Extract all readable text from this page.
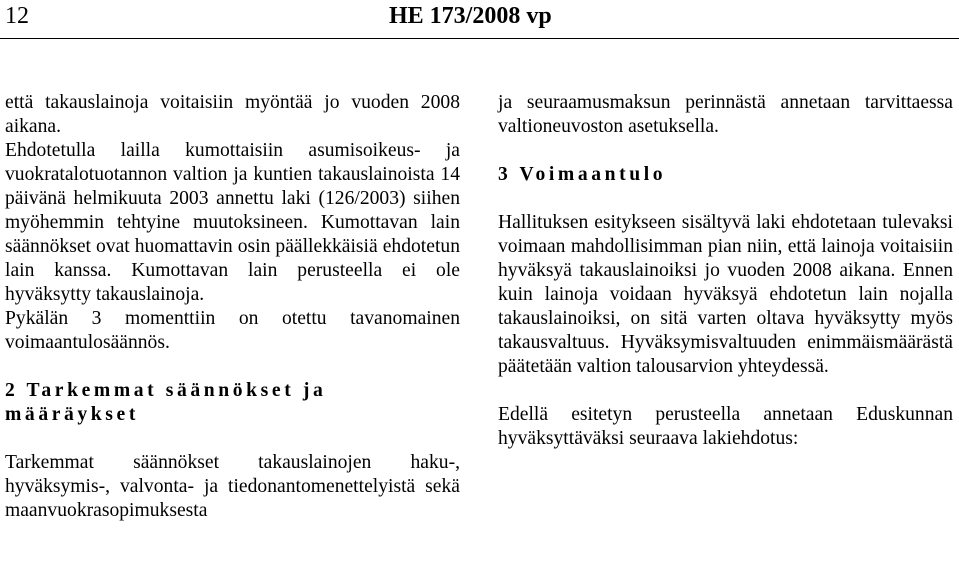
12	HE 173/2008 vp

että takauslainoja voitaisiin myöntää jo vuoden 2008 aikana.

Ehdotetulla lailla kumottaisiin asumisoikeus- ja vuokratalotuotannon valtion ja kuntien takauslainoista 14 päivänä helmikuuta 2003 annettu laki (126/2003) siihen myöhemmin tehtyine muutoksineen. Kumottavan lain säännökset ovat huomattavin osin päällekkäisiä ehdotetun lain kanssa. Kumottavan lain perusteella ei ole hyväksytty takauslainoja.

Pykälän 3 momenttiin on otettu tavanomainen voimaantulosäännös.

2 Tarkemmat säännökset ja määräykset

Tarkemmat säännökset takauslainojen haku-, hyväksymis-, valvonta- ja tiedonantomenettelyistä sekä maanvuokrasopimuksesta

ja seuraamusmaksun perinnästä annetaan tarvittaessa valtioneuvoston asetuksella.

3 Voimaantulo

Hallituksen esitykseen sisältyvä laki ehdotetaan tulevaksi voimaan mahdollisimman pian niin, että lainoja voitaisiin hyväksyä takauslainoiksi jo vuoden 2008 aikana. Ennen kuin lainoja voidaan hyväksyä ehdotetun lain nojalla takauslainoiksi, on sitä varten oltava hyväksytty myös takausvaltuus. Hyväksymisvaltuuden enimmäismäärästä päätetään valtion talousarvion yhteydessä.

Edellä esitetyn perusteella annetaan Eduskunnan hyväksyttäväksi seuraava lakiehdotus:
